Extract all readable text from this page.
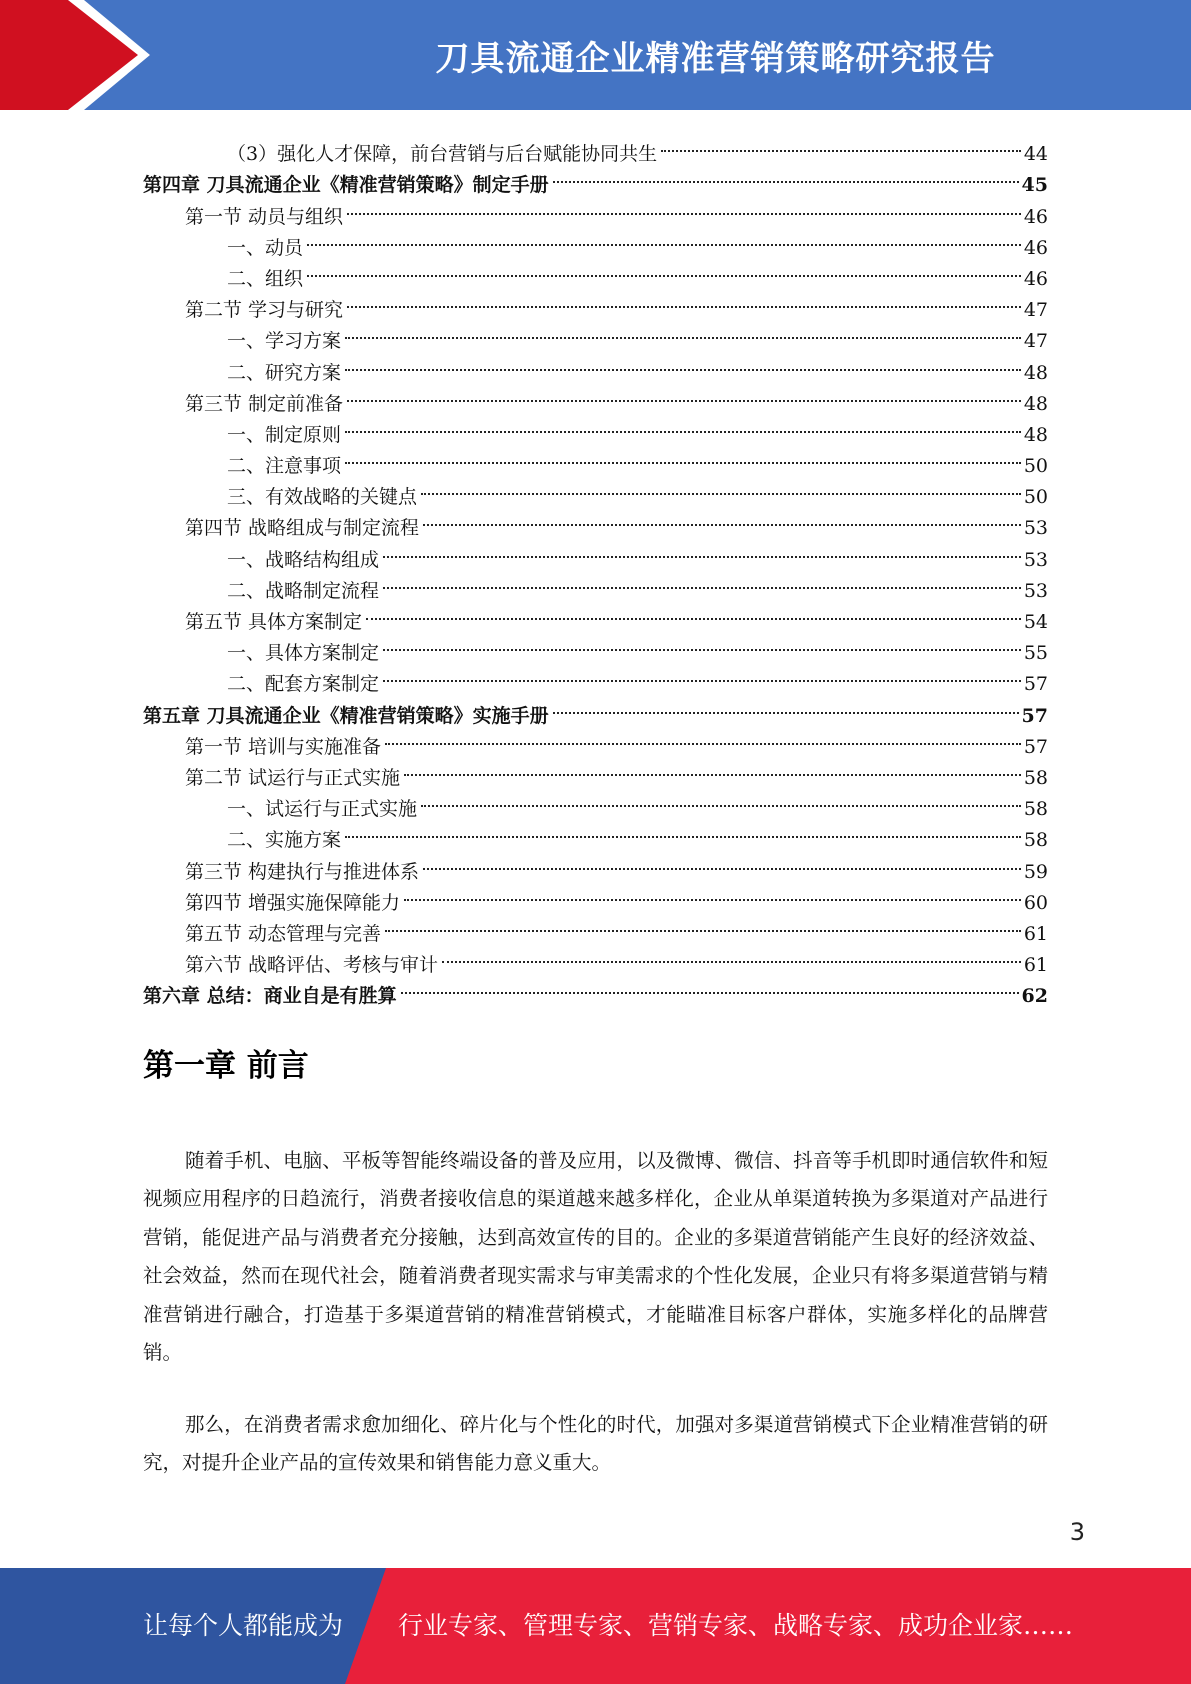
刀具流通企业精准营销策略研究报告
（3）强化人才保障，前台营销与后台赋能协同共生	44
第四章 刀具流通企业《精准营销策略》制定手册	45
第一节 动员与组织	46
一、动员	46
二、组织	46
第二节 学习与研究	47
一、学习方案	47
二、研究方案	48
第三节 制定前准备	48
一、制定原则	48
二、注意事项	50
三、有效战略的关键点	50
第四节 战略组成与制定流程	53
一、战略结构组成	53
二、战略制定流程	53
第五节 具体方案制定	54
一、具体方案制定	55
二、配套方案制定	57
第五章 刀具流通企业《精准营销策略》实施手册	57
第一节 培训与实施准备	57
第二节 试运行与正式实施	58
一、试运行与正式实施	58
二、实施方案	58
第三节 构建执行与推进体系	59
第四节 增强实施保障能力	60
第五节 动态管理与完善	61
第六节 战略评估、考核与审计	61
第六章 总结：商业自是有胜算	62
第一章 前言
随着手机、电脑、平板等智能终端设备的普及应用，以及微博、微信、抖音等手机即时通信软件和短视频应用程序的日趋流行，消费者接收信息的渠道越来越多样化，企业从单渠道转换为多渠道对产品进行营销，能促进产品与消费者充分接触，达到高效宣传的目的。企业的多渠道营销能产生良好的经济效益、社会效益，然而在现代社会，随着消费者现实需求与审美需求的个性化发展，企业只有将多渠道营销与精准营销进行融合，打造基于多渠道营销的精准营销模式，才能瞄准目标客户群体，实施多样化的品牌营销。
那么，在消费者需求愈加细化、碎片化与个性化的时代，加强对多渠道营销模式下企业精准营销的研究，对提升企业产品的宣传效果和销售能力意义重大。
3
让每个人都能成为 行业专家、管理专家、营销专家、战略专家、成功企业家……
